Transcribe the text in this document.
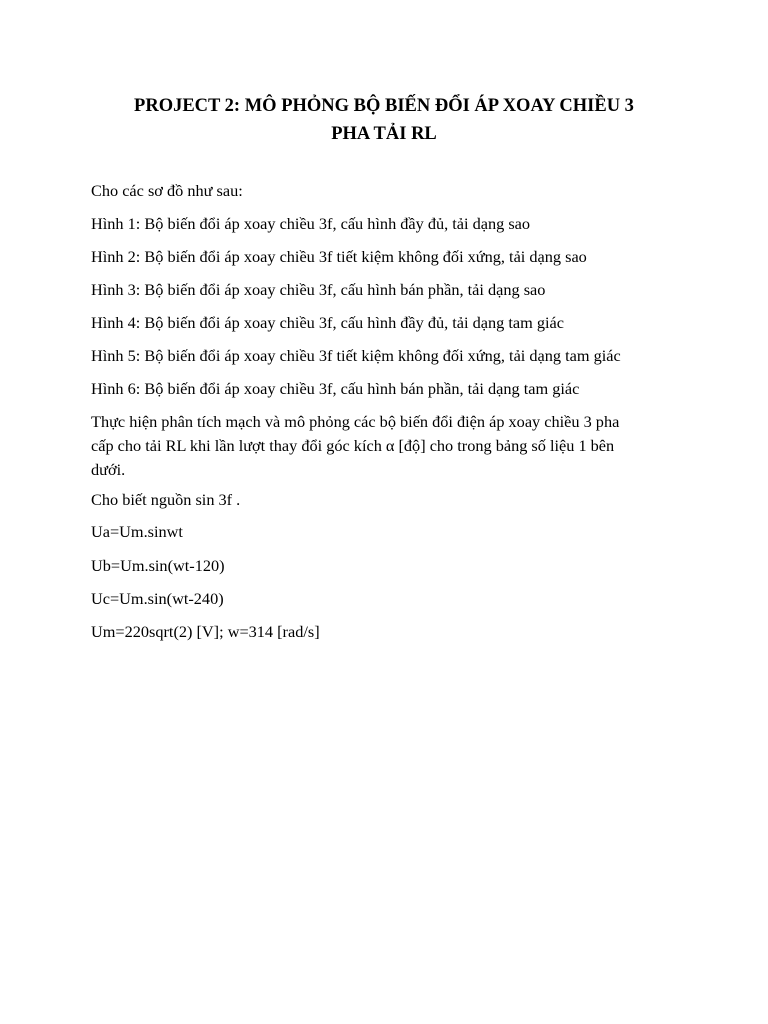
PROJECT 2: MÔ PHỎNG BỘ BIẾN ĐỔI ÁP XOAY CHIỀU 3
PHA TẢI RL

Cho các sơ đồ như sau:

Hình 1: Bộ biến đổi áp xoay chiều 3f, cấu hình đầy đủ, tải dạng sao

Hình 2: Bộ biến đổi áp xoay chiều 3f tiết kiệm không đối xứng, tải dạng sao

Hình 3: Bộ biến đổi áp xoay chiều 3f, cấu hình bán phần, tải dạng sao

Hình 4: Bộ biến đổi áp xoay chiều 3f, cấu hình đầy đủ, tải dạng tam giác

Hình 5: Bộ biến đổi áp xoay chiều 3f tiết kiệm không đối xứng, tải dạng tam giác

Hình 6: Bộ biến đổi áp xoay chiều 3f, cấu hình bán phần, tải dạng tam giác

Thực hiện phân tích mạch và mô phỏng các bộ biến đổi điện áp xoay chiều 3 pha
cấp cho tải RL khi lần lượt thay đổi góc kích α [độ] cho trong bảng số liệu 1 bên
dưới.

Cho biết nguồn sin 3f .

Ua=Um.sinwt

Ub=Um.sin(wt-120)

Uc=Um.sin(wt-240)

Um=220sqrt(2) [V]; w=314 [rad/s]
